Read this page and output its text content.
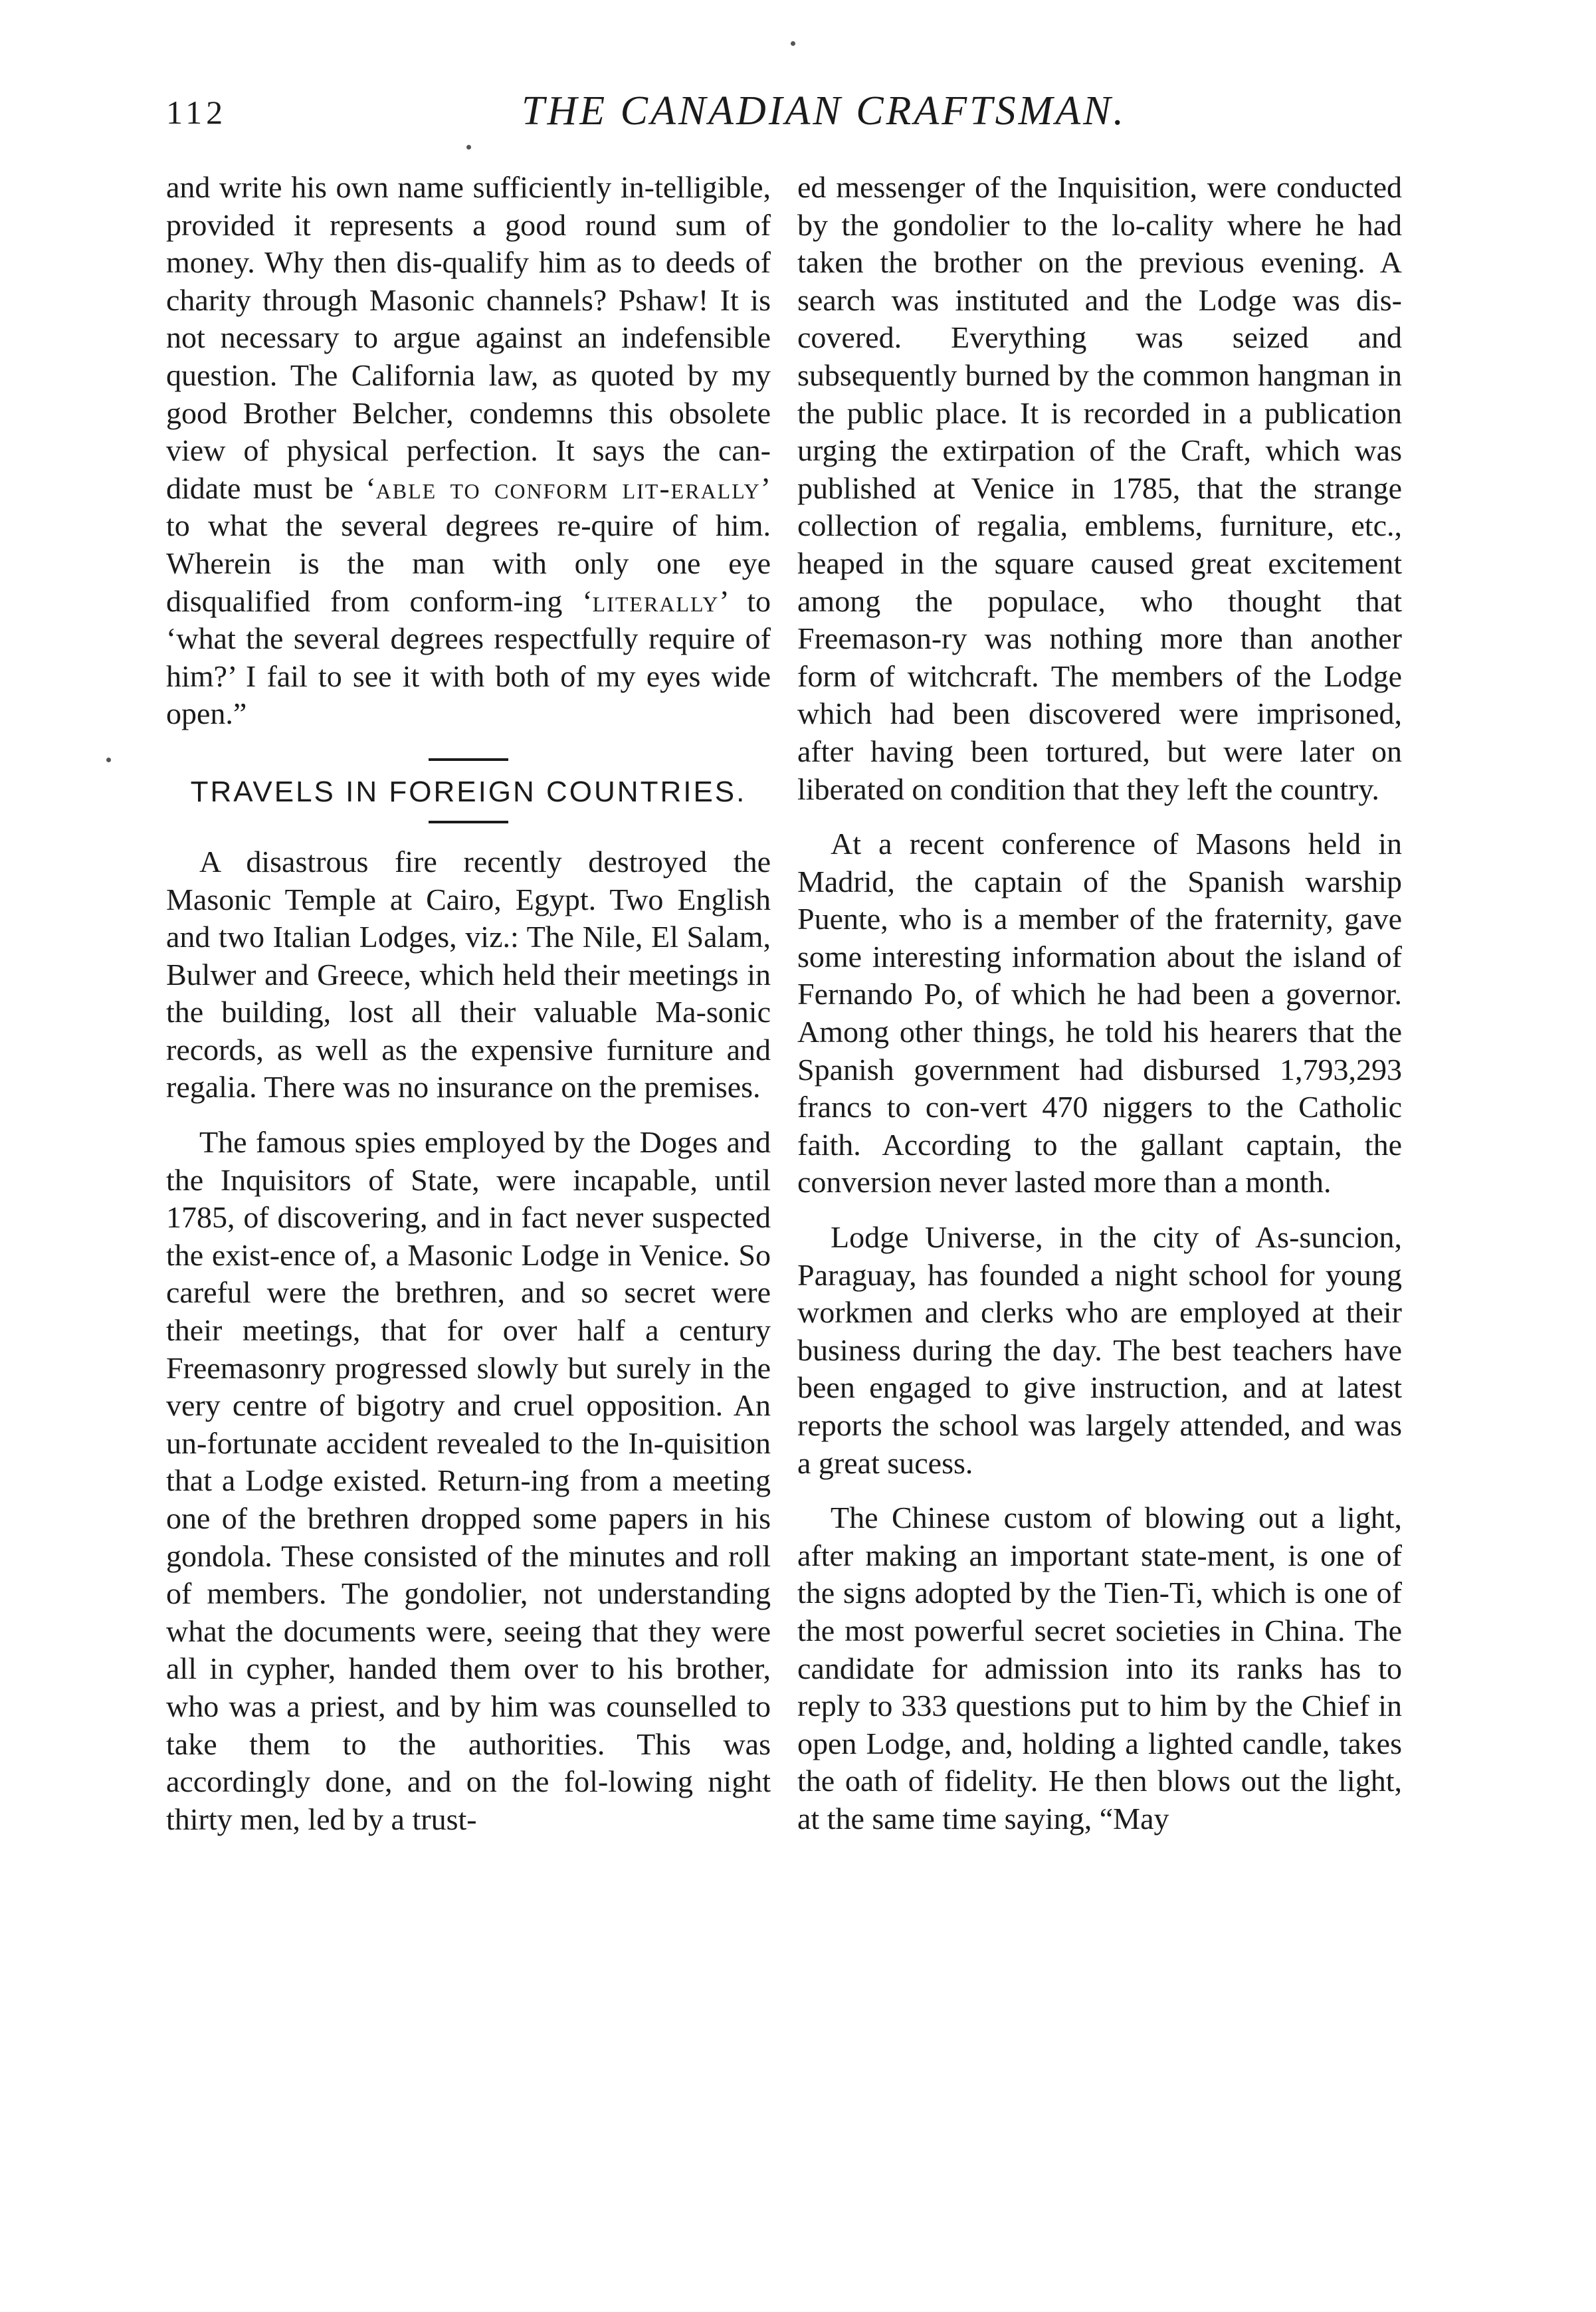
112	THE CANADIAN CRAFTSMAN.

and write his own name sufficiently in-telligible, provided it represents a good round sum of money. Why then dis-qualify him as to deeds of charity through Masonic channels? Pshaw! It is not necessary to argue against an indefensible question. The California law, as quoted by my good Brother Belcher, condemns this obsolete view of physical perfection. It says the can-didate must be ‘able to conform lit-erally’ to what the several degrees re-quire of him. Wherein is the man with only one eye disqualified from conform-ing ‘literally’ to ‘what the several degrees respectfully require of him?’ I fail to see it with both of my eyes wide open.”

TRAVELS IN FOREIGN COUNTRIES.

A disastrous fire recently destroyed the Masonic Temple at Cairo, Egypt. Two English and two Italian Lodges, viz.: The Nile, El Salam, Bulwer and Greece, which held their meetings in the building, lost all their valuable Ma-sonic records, as well as the expensive furniture and regalia. There was no insurance on the premises.

The famous spies employed by the Doges and the Inquisitors of State, were incapable, until 1785, of discovering, and in fact never suspected the exist-ence of, a Masonic Lodge in Venice. So careful were the brethren, and so secret were their meetings, that for over half a century Freemasonry progressed slowly but surely in the very centre of bigotry and cruel opposition. An un-fortunate accident revealed to the In-quisition that a Lodge existed. Return-ing from a meeting one of the brethren dropped some papers in his gondola. These consisted of the minutes and roll of members. The gondolier, not understanding what the documents were, seeing that they were all in cypher, handed them over to his brother, who was a priest, and by him was counselled to take them to the authorities. This was accordingly done, and on the fol-lowing night thirty men, led by a trust-

ed messenger of the Inquisition, were conducted by the gondolier to the lo-cality where he had taken the brother on the previous evening. A search was instituted and the Lodge was dis-covered. Everything was seized and subsequently burned by the common hangman in the public place. It is recorded in a publication urging the extirpation of the Craft, which was published at Venice in 1785, that the strange collection of regalia, emblems, furniture, etc., heaped in the square caused great excitement among the populace, who thought that Freemason-ry was nothing more than another form of witchcraft. The members of the Lodge which had been discovered were imprisoned, after having been tortured, but were later on liberated on condition that they left the country.

At a recent conference of Masons held in Madrid, the captain of the Spanish warship Puente, who is a member of the fraternity, gave some interesting information about the island of Fernando Po, of which he had been a governor. Among other things, he told his hearers that the Spanish government had disbursed 1,793,293 francs to con-vert 470 niggers to the Catholic faith. According to the gallant captain, the conversion never lasted more than a month.

Lodge Universe, in the city of As-suncion, Paraguay, has founded a night school for young workmen and clerks who are employed at their business during the day. The best teachers have been engaged to give instruction, and at latest reports the school was largely attended, and was a great sucess.

The Chinese custom of blowing out a light, after making an important state-ment, is one of the signs adopted by the Tien-Ti, which is one of the most powerful secret societies in China. The candidate for admission into its ranks has to reply to 333 questions put to him by the Chief in open Lodge, and, holding a lighted candle, takes the oath of fidelity. He then blows out the light, at the same time saying, “May
